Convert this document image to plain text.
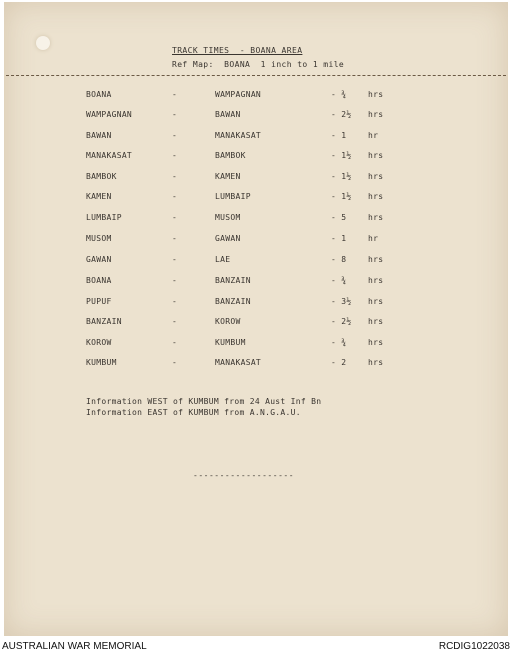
TRACK TIMES  - BOANA AREA
Ref Map:  BOANA  1 inch to 1 mile
BOANA	-	WAMPAGNAN	- ¾	hrs
WAMPAGNAN	-	BAWAN	- 2½ hrs
BAWAN	-	MANAKASAT	- 1	hr
MANAKASAT	-	BAMBOK	- 1½ hrs
BAMBOK	-	KAMEN	- 1½ hrs
KAMEN	-	LUMBAIP	- 1½ hrs
LUMBAIP	-	MUSOM	- 5	hrs
MUSOM	-	GAWAN	- 1	hr
GAWAN	-	LAE	- 8	hrs
BOANA	-	BANZAIN	- ¾	hrs
PUPUF	-	BANZAIN	- 3½ hrs
BANZAIN	-	KOROW	- 2½ hrs
KOROW	-	KUMBUM	- ¾	hrs
KUMBUM	-	MANAKASAT	- 2	hrs
Information WEST of KUMBUM from 24 Aust Inf Bn
Information EAST of KUMBUM from A.N.G.A.U.
-------------------
AUSTRALIAN WAR MEMORIAL	RCDIG1022038
